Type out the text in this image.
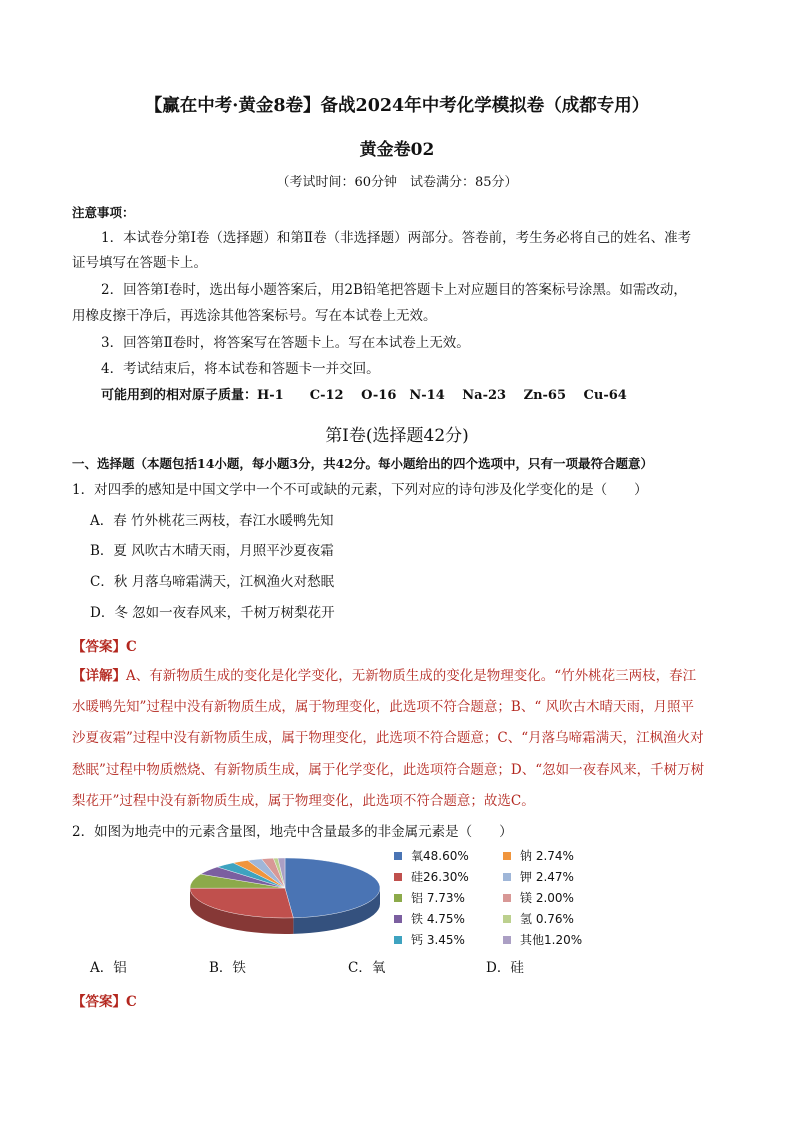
【赢在中考·黄金8卷】备战2024年中考化学模拟卷（成都专用）
黄金卷02
（考试时间：60分钟　试卷满分：85分）
注意事项：
1．本试卷分第Ⅰ卷（选择题）和第Ⅱ卷（非选择题）两部分。答卷前，考生务必将自己的姓名、准考
证号填写在答题卡上。
2．回答第Ⅰ卷时，选出每小题答案后，用2B铅笔把答题卡上对应题目的答案标号涂黑。如需改动，
用橡皮擦干净后，再选涂其他答案标号。写在本试卷上无效。
3．回答第Ⅱ卷时，将答案写在答题卡上。写在本试卷上无效。
4．考试结束后，将本试卷和答题卡一并交回。
可能用到的相对原子质量：H-1　　C-12　 O-16　N-14　 Na-23　 Zn-65　 Cu-64
第Ⅰ卷(选择题42分)
一、选择题（本题包括14小题，每小题3分，共42分。每小题给出的四个选项中，只有一项最符合题意）
1．对四季的感知是中国文学中一个不可或缺的元素，下列对应的诗句涉及化学变化的是（　　）
A．春 竹外桃花三两枝，春江水暖鸭先知
B．夏 风吹古木晴天雨，月照平沙夏夜霜
C．秋 月落乌啼霜满天，江枫渔火对愁眠
D．冬 忽如一夜春风来，千树万树梨花开
【答案】C
【详解】A、有新物质生成的变化是化学变化，无新物质生成的变化是物理变化。“竹外桃花三两枝，春江
水暖鸭先知”过程中没有新物质生成，属于物理变化，此选项不符合题意；B、“ 风吹古木晴天雨，月照平
沙夏夜霜”过程中没有新物质生成，属于物理变化，此选项不符合题意；C、“月落乌啼霜满天，江枫渔火对
愁眠”过程中物质燃烧、有新物质生成，属于化学变化，此选项符合题意；D、“忽如一夜春风来，千树万树
梨花开”过程中没有新物质生成，属于物理变化，此选项不符合题意；故选C。
2．如图为地壳中的元素含量图，地壳中含量最多的非金属元素是（　　）
氧48.60%
硅26.30%
铝 7.73%
铁 4.75%
钙 3.45%
钠 2.74%
钾 2.47%
镁 2.00%
氢 0.76%
其他1.20%
A．铝	B．铁	C．氧	D．硅
【答案】C
